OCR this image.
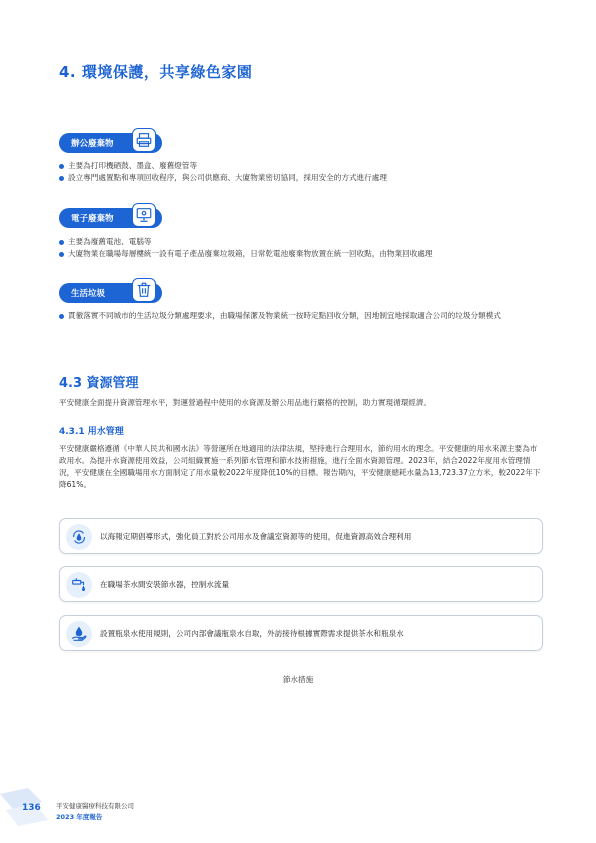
4. 環境保護，共享綠色家園
辦公廢棄物
主要為打印機硒鼓、墨盒、廢舊燈管等
設立專門處置點和專項回收程序，與公司供應商、大廈物業密切協同，採用安全的方式進行處理
電子廢棄物
主要為廢舊電池、電腦等
大廈物業在職場每層樓統一設有電子產品廢棄垃圾箱，日常乾電池廢棄物放置在統一回收點，由物業回收處理
生活垃圾
貫徹落實不同城市的生活垃圾分類處理要求，由職場保潔及物業統一按時定點回收分類，因地制宜地採取適合公司的垃圾分類模式
4.3 資源管理
平安健康全面提升資源管理水平，對運營過程中使用的水資源及辦公用品進行嚴格的控制，助力實現循環經濟。
4.3.1 用水管理
平安健康嚴格遵循《中華人民共和國水法》等營運所在地適用的法律法規，堅持進行合理用水，節約用水的理念。平安健康的用水來源主要為市政用水。為提升水資源使用效益，公司組織實施一系列節水管理和節水技術措施，進行全面水資源管理。2023年，結合2022年度用水管理情況，平安健康在全國職場用水方面制定了用水量較2022年度降低10%的目標。報告期內，平安健康總耗水量為13,723.37立方米，較2022年下降61%。
以海報定期倡導形式，強化員工對於公司用水及會議室資源等的使用，促進資源高效合理利用
在職場茶水間安裝節水器，控制水流量
設置瓶泉水使用規則，公司內部會議瓶泉水自取，外訪接待根據實際需求提供茶水和瓶泉水
節水措施
136 平安健康醫療科技有限公司
2023 年度報告
